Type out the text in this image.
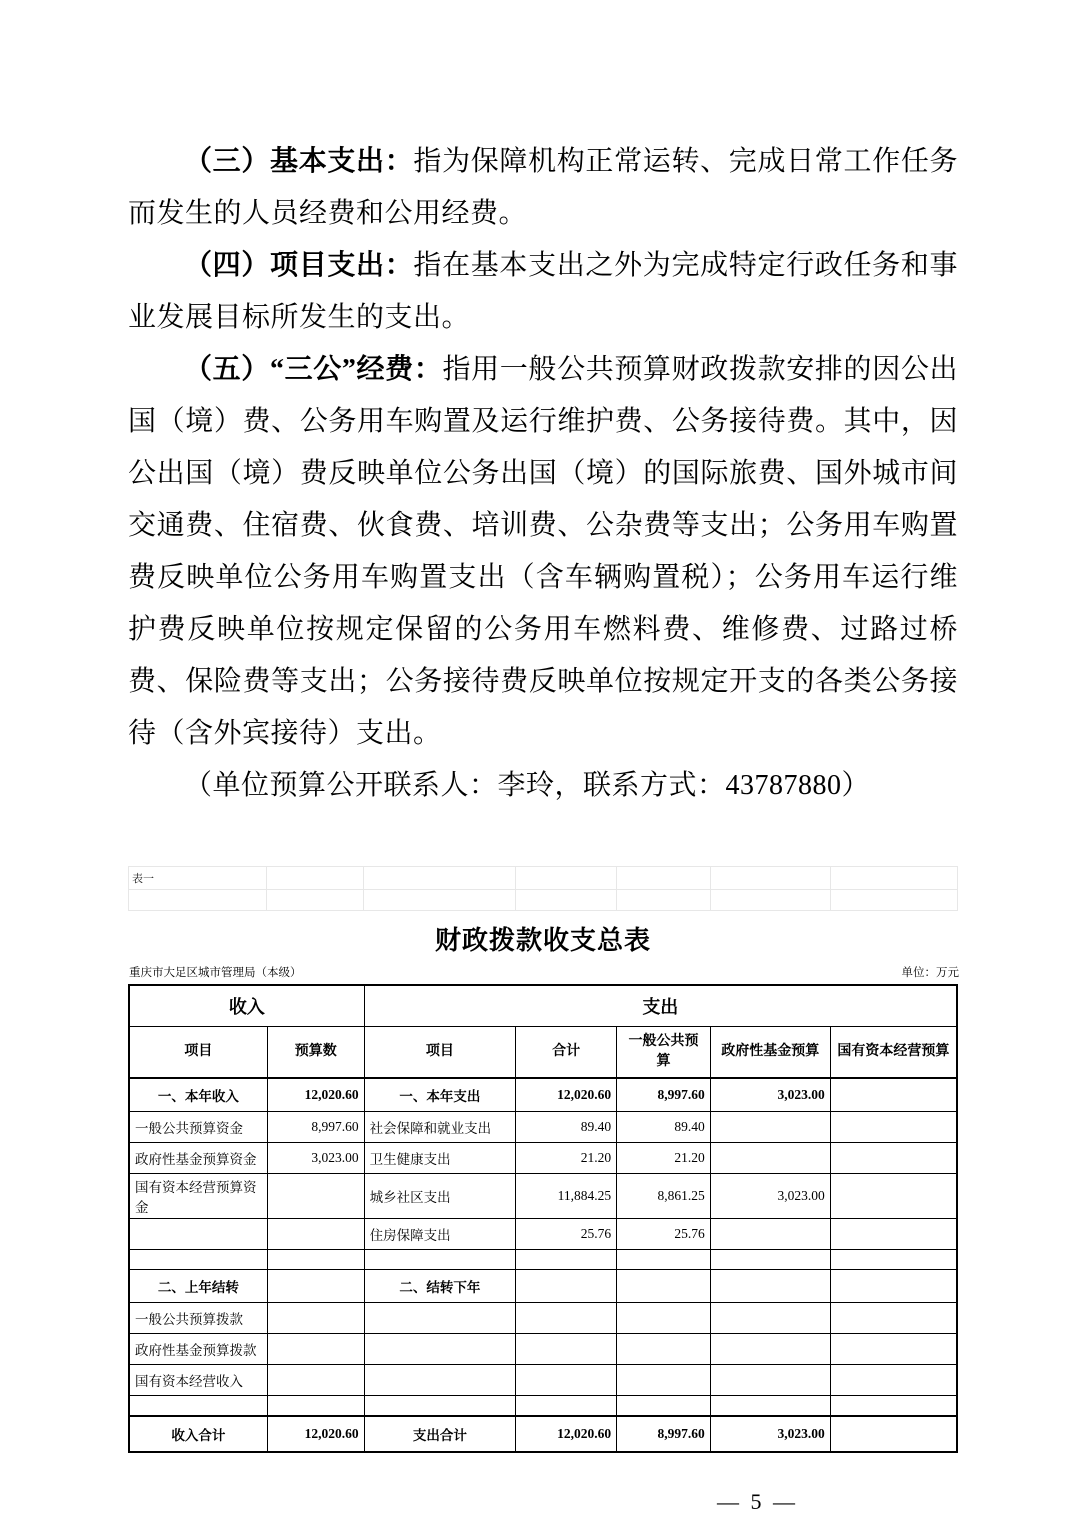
（三）基本支出：指为保障机构正常运转、完成日常工作任务而发生的人员经费和公用经费。

（四）项目支出：指在基本支出之外为完成特定行政任务和事业发展目标所发生的支出。

（五）“三公”经费：指用一般公共预算财政拨款安排的因公出国（境）费、公务用车购置及运行维护费、公务接待费。其中，因公出国（境）费反映单位公务出国（境）的国际旅费、国外城市间交通费、住宿费、伙食费、培训费、公杂费等支出；公务用车购置费反映单位公务用车购置支出（含车辆购置税）；公务用车运行维护费反映单位按规定保留的公务用车燃料费、维修费、过路过桥费、保险费等支出；公务接待费反映单位按规定开支的各类公务接待（含外宾接待）支出。

（单位预算公开联系人：李玲，联系方式：43787880）

表一						

财政拨款收支总表
重庆市大足区城市管理局（本级）	单位：万元
收入		支出				
项目	预算数	项目	合计	一般公共预算	政府性基金预算	国有资本经营预算
一、本年收入	12,020.60	一、本年支出	12,020.60	8,997.60	3,023.00	
一般公共预算资金	8,997.60	社会保障和就业支出	89.40	89.40		
政府性基金预算资金	3,023.00	卫生健康支出	21.20	21.20		
国有资本经营预算资金		城乡社区支出	11,884.25	8,861.25	3,023.00	
		住房保障支出	25.76	25.76		

二、上年结转		二、结转下年				
一般公共预算拨款						
政府性基金预算拨款						
国有资本经营收入						

收入合计	12,020.60	支出合计	12,020.60	8,997.60	3,023.00	
— 5 —
